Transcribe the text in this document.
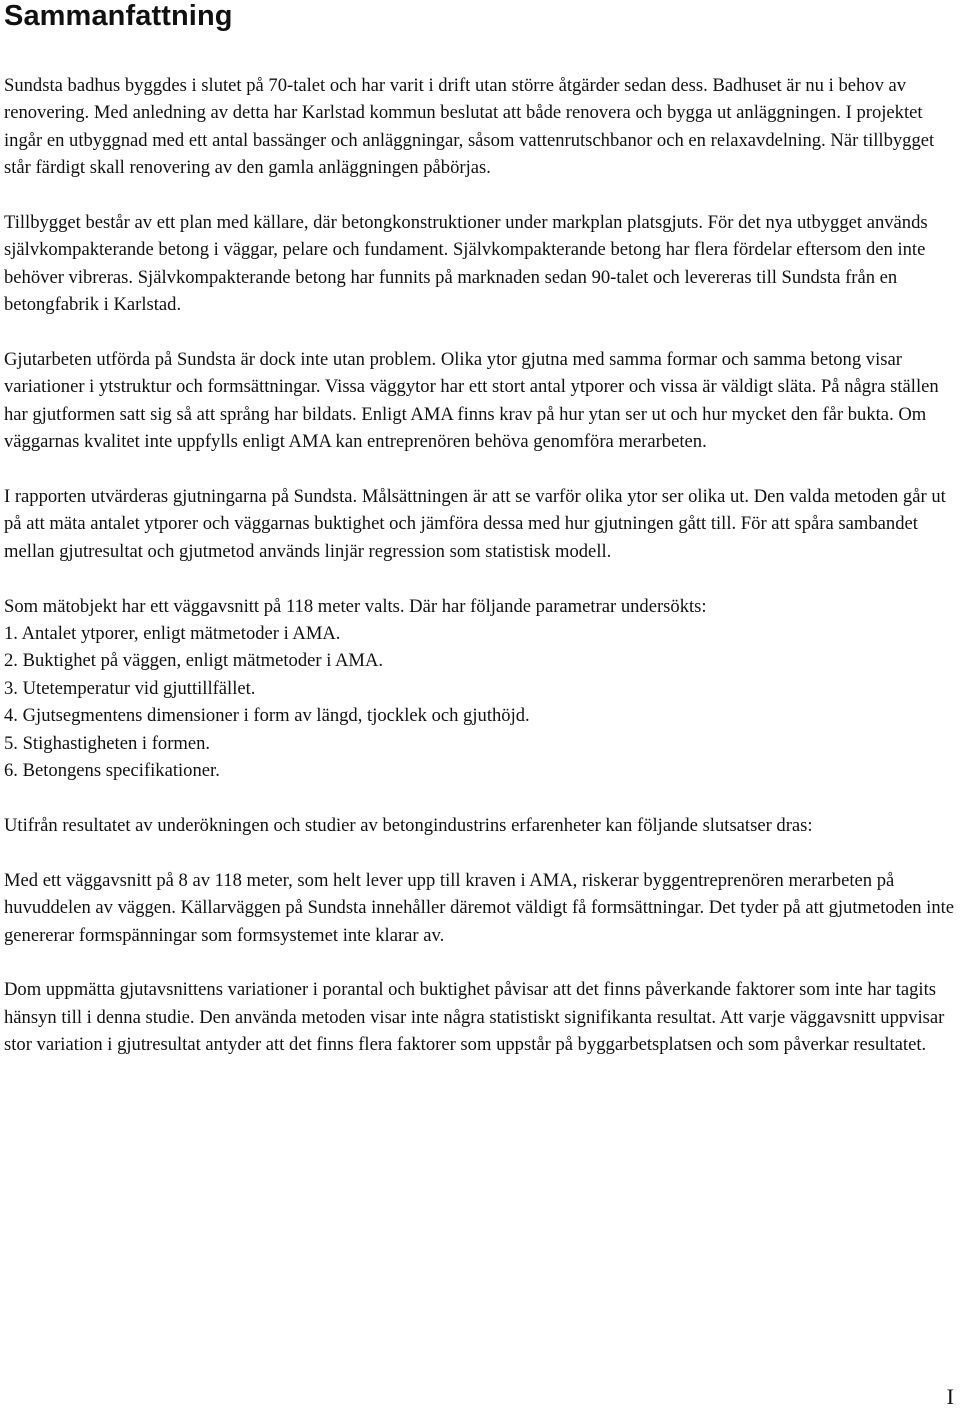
Sammanfattning

Sundsta badhus byggdes i slutet på 70-talet och har varit i drift utan större åtgärder sedan dess. Badhuset är nu i behov av renovering. Med anledning av detta har Karlstad kommun beslutat att både renovera och bygga ut anläggningen. I projektet ingår en utbyggnad med ett antal bassänger och anläggningar, såsom vattenrutschbanor och en relaxavdelning. När tillbygget står färdigt skall renovering av den gamla anläggningen påbörjas.

Tillbygget består av ett plan med källare, där betongkonstruktioner under markplan platsgjuts. För det nya utbygget används självkompakterande betong i väggar, pelare och fundament. Självkompakterande betong har flera fördelar eftersom den inte behöver vibreras. Självkompakterande betong har funnits på marknaden sedan 90-talet och levereras till Sundsta från en betongfabrik i Karlstad.

Gjutarbeten utförda på Sundsta är dock inte utan problem. Olika ytor gjutna med samma formar och samma betong visar variationer i ytstruktur och formsättningar. Vissa väggytor har ett stort antal ytporer och vissa är väldigt släta. På några ställen har gjutformen satt sig så att språng har bildats. Enligt AMA finns krav på hur ytan ser ut och hur mycket den får bukta. Om väggarnas kvalitet inte uppfylls enligt AMA kan entreprenören behöva genomföra merarbeten.

I rapporten utvärderas gjutningarna på Sundsta. Målsättningen är att se varför olika ytor ser olika ut. Den valda metoden går ut på att mäta antalet ytporer och väggarnas buktighet och jämföra dessa med hur gjutningen gått till. För att spåra sambandet mellan gjutresultat och gjutmetod används linjär regression som statistisk modell.

Som mätobjekt har ett väggavsnitt på 118 meter valts. Där har följande parametrar undersökts:

1. Antalet ytporer, enligt mätmetoder i AMA.
2. Buktighet på väggen, enligt mätmetoder i AMA.
3. Utetemperatur vid gjuttillfället.
4. Gjutsegmentens dimensioner i form av längd, tjocklek och gjuthöjd.
5. Stighastigheten i formen.
6. Betongens specifikationer.

Utifrån resultatet av underökningen och studier av betongindustrins erfarenheter kan följande slutsatser dras:

Med ett väggavsnitt på 8 av 118 meter, som helt lever upp till kraven i AMA, riskerar byggentreprenören merarbeten på huvuddelen av väggen. Källarväggen på Sundsta innehåller däremot väldigt få formsättningar. Det tyder på att gjutmetoden inte genererar formspänningar som formsystemet inte klarar av.

Dom uppmätta gjutavsnittens variationer i porantal och buktighet påvisar att det finns påverkande faktorer som inte har tagits hänsyn till i denna studie. Den använda metoden visar inte några statistiskt signifikanta resultat. Att varje väggavsnitt uppvisar stor variation i gjutresultat antyder att det finns flera faktorer som uppstår på byggarbetsplatsen och som påverkar resultatet.

I
